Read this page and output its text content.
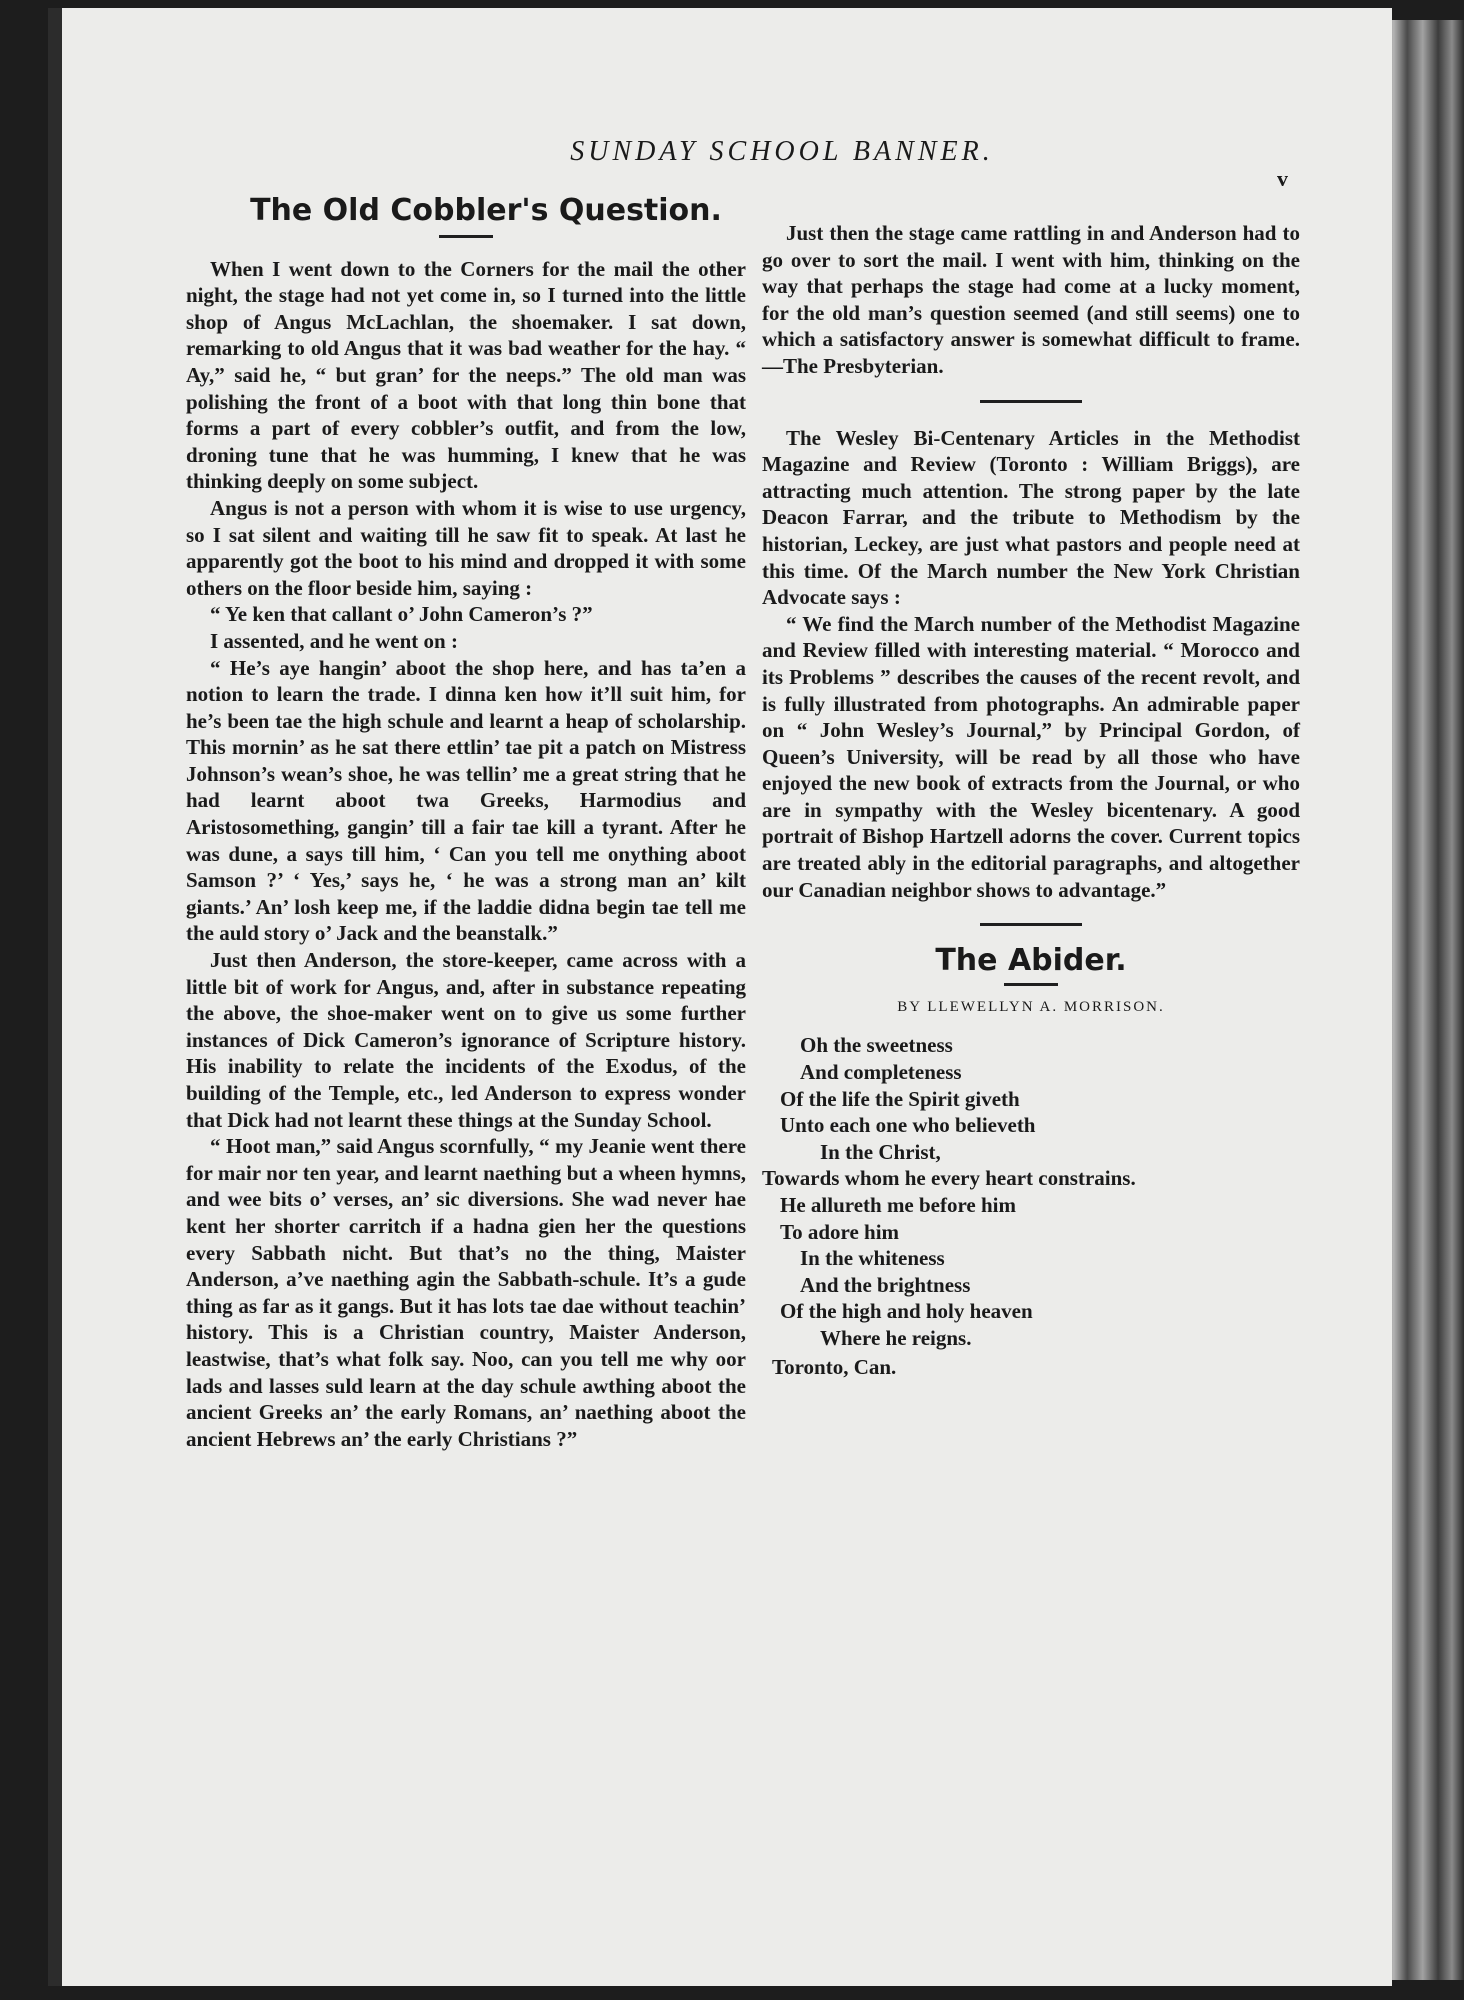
SUNDAY SCHOOL BANNER.
v
The Old Cobbler's Question.

When I went down to the Corners for the mail the other night, the stage had not yet come in, so I turned into the little shop of Angus McLachlan, the shoemaker. I sat down, remarking to old Angus that it was bad weather for the hay. “ Ay,” said he, “ but gran’ for the neeps.” The old man was polishing the front of a boot with that long thin bone that forms a part of every cobbler’s outfit, and from the low, droning tune that he was humming, I knew that he was thinking deeply on some subject.

Angus is not a person with whom it is wise to use urgency, so I sat silent and waiting till he saw fit to speak. At last he apparently got the boot to his mind and dropped it with some others on the floor beside him, saying :

“ Ye ken that callant o’ John Cameron’s ?”

I assented, and he went on :

“ He’s aye hangin’ aboot the shop here, and has ta’en a notion to learn the trade. I dinna ken how it’ll suit him, for he’s been tae the high schule and learnt a heap of scholarship. This mornin’ as he sat there ettlin’ tae pit a patch on Mistress Johnson’s wean’s shoe, he was tellin’ me a great string that he had learnt aboot twa Greeks, Harmodius and Aristosomething, gangin’ till a fair tae kill a tyrant. After he was dune, a says till him, ‘ Can you tell me onything aboot Samson ?’ ‘ Yes,’ says he, ‘ he was a strong man an’ kilt giants.’ An’ losh keep me, if the laddie didna begin tae tell me the auld story o’ Jack and the beanstalk.”

Just then Anderson, the store-keeper, came across with a little bit of work for Angus, and, after in substance repeating the above, the shoe-maker went on to give us some further instances of Dick Cameron’s ignorance of Scripture history. His inability to relate the incidents of the Exodus, of the building of the Temple, etc., led Anderson to express wonder that Dick had not learnt these things at the Sunday School.

“ Hoot man,” said Angus scornfully, “ my Jeanie went there for mair nor ten year, and learnt naething but a wheen hymns, and wee bits o’ verses, an’ sic diversions. She wad never hae kent her shorter carritch if a hadna gien her the questions every Sabbath nicht. But that’s no the thing, Maister Anderson, a’ve naething agin the Sabbath-schule. It’s a gude thing as far as it gangs. But it has lots tae dae without teachin’ history. This is a Christian country, Maister Anderson, leastwise, that’s what folk say. Noo, can you tell me why oor lads and lasses suld learn at the day schule awthing aboot the ancient Greeks an’ the early Romans, an’ naething aboot the ancient Hebrews an’ the early Christians ?”

Just then the stage came rattling in and Anderson had to go over to sort the mail. I went with him, thinking on the way that perhaps the stage had come at a lucky moment, for the old man’s question seemed (and still seems) one to which a satisfactory answer is somewhat difficult to frame.—The Presbyterian.

The Wesley Bi-Centenary Articles in the Methodist Magazine and Review (Toronto : William Briggs), are attracting much attention. The strong paper by the late Deacon Farrar, and the tribute to Methodism by the historian, Leckey, are just what pastors and people need at this time. Of the March number the New York Christian Advocate says :

“ We find the March number of the Methodist Magazine and Review filled with interesting material. “ Morocco and its Problems ” describes the causes of the recent revolt, and is fully illustrated from photographs. An admirable paper on “ John Wesley’s Journal,” by Principal Gordon, of Queen’s University, will be read by all those who have enjoyed the new book of extracts from the Journal, or who are in sympathy with the Wesley bicentenary. A good portrait of Bishop Hartzell adorns the cover. Current topics are treated ably in the editorial paragraphs, and altogether our Canadian neighbor shows to advantage.”

The Abider.
BY LLEWELLYN A. MORRISON.
Oh the sweetness
And completeness
Of the life the Spirit giveth
Unto each one who believeth
In the Christ,
Towards whom he every heart constrains.
He allureth me before him
To adore him
In the whiteness
And the brightness
Of the high and holy heaven
Where he reigns.
Toronto, Can.
